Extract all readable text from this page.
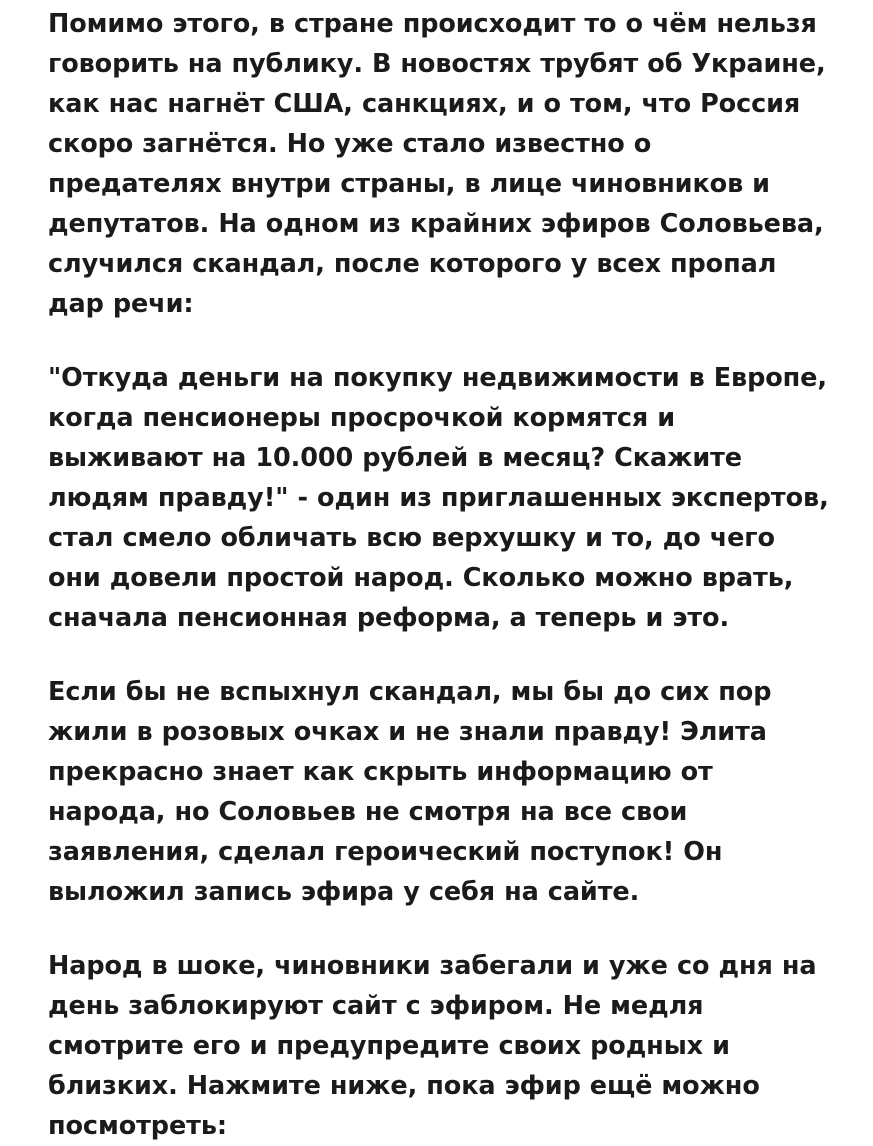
Помимо этого, в стране происходит то о чём нельзя говорить на публику. В новостях трубят об Украине, как нас нагнёт США, санкциях, и о том, что Россия скоро загнётся. Но уже стало известно о предателях внутри страны, в лице чиновников и депутатов. На одном из крайних эфиров Соловьева, случился скандал, после которого у всех пропал дар речи:

"Откуда деньги на покупку недвижимости в Европе, когда пенсионеры просрочкой кормятся и выживают на 10.000 рублей в месяц? Скажите людям правду!" - один из приглашенных экспертов, стал смело обличать всю верхушку и то, до чего они довели простой народ. Сколько можно врать, сначала пенсионная реформа, а теперь и это.

Если бы не вспыхнул скандал, мы бы до сих пор жили в розовых очках и не знали правду! Элита прекрасно знает как скрыть информацию от народа, но Соловьев не смотря на все свои заявления, сделал героический поступок! Он выложил запись эфира у себя на сайте.

Народ в шоке, чиновники забегали и уже со дня на день заблокируют сайт с эфиром. Не медля смотрите его и предупредите своих родных и близких. Нажмите ниже, пока эфир ещё можно посмотреть:
